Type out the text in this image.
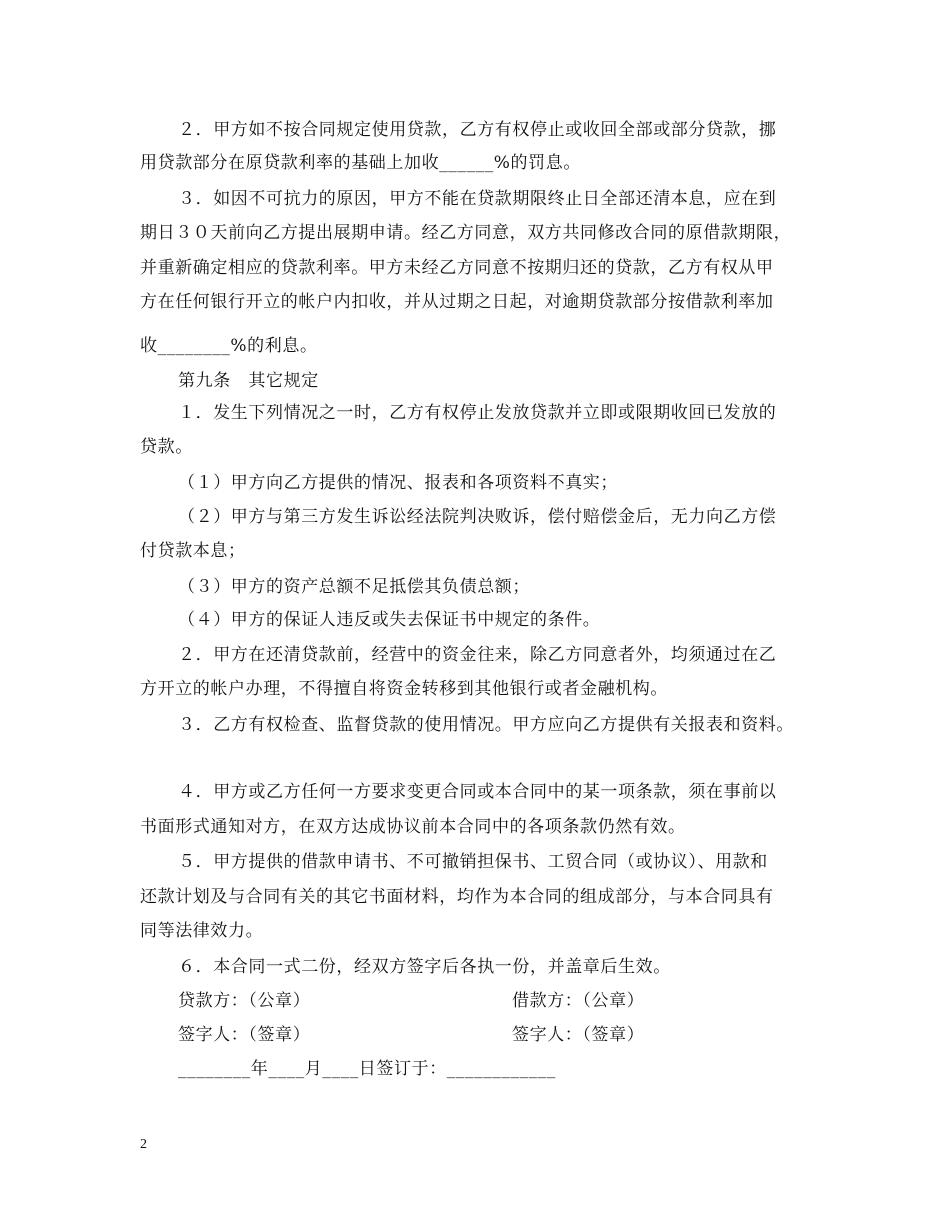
２．甲方如不按合同规定使用贷款，乙方有权停止或收回全部或部分贷款，挪
用贷款部分在原贷款利率的基础上加收______%的罚息。
３．如因不可抗力的原因，甲方不能在贷款期限终止日全部还清本息，应在到
期日３０天前向乙方提出展期申请。经乙方同意，双方共同修改合同的原借款期限，
并重新确定相应的贷款利率。甲方未经乙方同意不按期归还的贷款，乙方有权从甲
方在任何银行开立的帐户内扣收，并从过期之日起，对逾期贷款部分按借款利率加
收________%的利息。
第九条　其它规定
１．发生下列情况之一时，乙方有权停止发放贷款并立即或限期收回已发放的
贷款。
（１）甲方向乙方提供的情况、报表和各项资料不真实；
（２）甲方与第三方发生诉讼经法院判决败诉，偿付赔偿金后，无力向乙方偿
付贷款本息；
（３）甲方的资产总额不足抵偿其负债总额；
（４）甲方的保证人违反或失去保证书中规定的条件。
２．甲方在还清贷款前，经营中的资金往来，除乙方同意者外，均须通过在乙
方开立的帐户办理，不得擅自将资金转移到其他银行或者金融机构。
３．乙方有权检查、监督贷款的使用情况。甲方应向乙方提供有关报表和资料。
４．甲方或乙方任何一方要求变更合同或本合同中的某一项条款，须在事前以
书面形式通知对方，在双方达成协议前本合同中的各项条款仍然有效。
５．甲方提供的借款申请书、不可撤销担保书、工贸合同（或协议）、用款和
还款计划及与合同有关的其它书面材料，均作为本合同的组成部分，与本合同具有
同等法律效力。
６．本合同一式二份，经双方签字后各执一份，并盖章后生效。
贷款方：（公章）	借款方：（公章）
签字人：（签章）	签字人：（签章）
________年____月____日签订于：____________
2
